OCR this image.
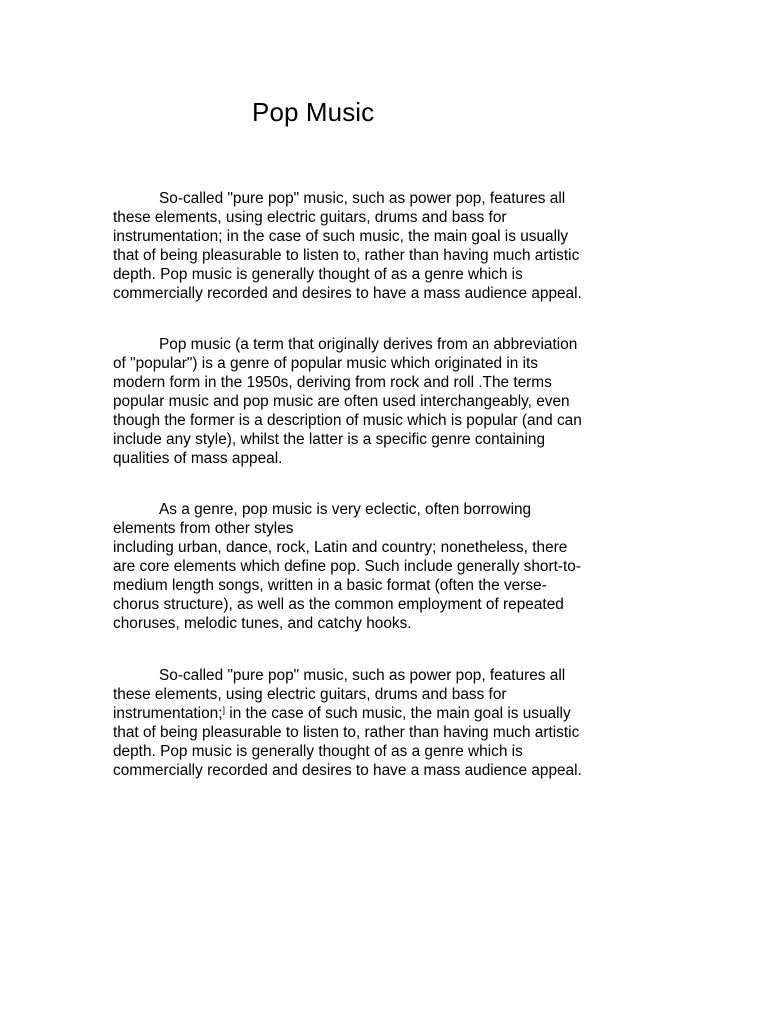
Pop Music
So-called "pure pop" music, such as power pop, features all
these elements, using electric guitars, drums and bass for
instrumentation; in the case of such music, the main goal is usually
that of being pleasurable to listen to, rather than having much artistic
depth. Pop music is generally thought of as a genre which is
commercially recorded and desires to have a mass audience appeal.
Pop music (a term that originally derives from an abbreviation
of "popular") is a genre of popular music which originated in its
modern form in the 1950s, deriving from rock and roll .The terms
popular music and pop music are often used interchangeably, even
though the former is a description of music which is popular (and can
include any style), whilst the latter is a specific genre containing
qualities of mass appeal.
As a genre, pop music is very eclectic, often borrowing
elements from other styles
including urban, dance, rock, Latin and country; nonetheless, there
are core elements which define pop. Such include generally short-to-
medium length songs, written in a basic format (often the verse-
chorus structure), as well as the common employment of repeated
choruses, melodic tunes, and catchy hooks.
So-called "pure pop" music, such as power pop, features all
these elements, using electric guitars, drums and bass for
instrumentation;] in the case of such music, the main goal is usually
that of being pleasurable to listen to, rather than having much artistic
depth. Pop music is generally thought of as a genre which is
commercially recorded and desires to have a mass audience appeal.
